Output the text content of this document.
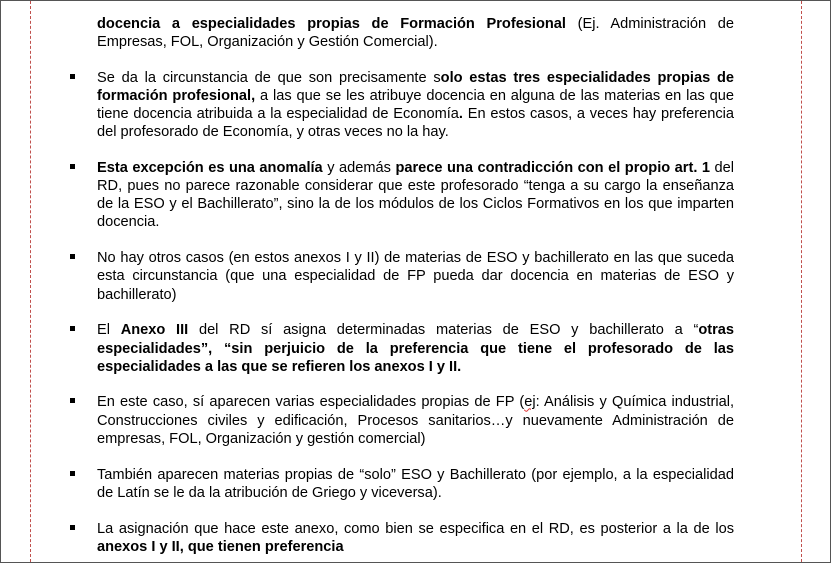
docencia a especialidades propias de Formación Profesional (Ej. Administración de Empresas, FOL, Organización y Gestión Comercial).

Se da la circunstancia de que son precisamente solo estas tres especialidades propias de formación profesional, a las que se les atribuye docencia en alguna de las materias en las que tiene docencia atribuida a la especialidad de Economía. En estos casos, a veces hay preferencia del profesorado de Economía, y otras veces no la hay.

Esta excepción es una anomalía y además parece una contradicción con el propio art. 1 del RD, pues no parece razonable considerar que este profesorado “tenga a su cargo la enseñanza de la ESO y el Bachillerato”, sino la de los módulos de los Ciclos Formativos en los que imparten docencia.

No hay otros casos (en estos anexos I y II) de materias de ESO y bachillerato en las que suceda esta circunstancia (que una especialidad de FP pueda dar docencia en materias de ESO y bachillerato)

El Anexo III del RD sí asigna determinadas materias de ESO y bachillerato a “otras especialidades”, “sin perjuicio de la preferencia que tiene el profesorado de las especialidades a las que se refieren los anexos I y II.

En este caso, sí aparecen varias especialidades propias de FP (ej: Análisis y Química industrial, Construcciones civiles y edificación, Procesos sanitarios…y nuevamente Administración de empresas, FOL, Organización y gestión comercial)

También aparecen materias propias de “solo” ESO y Bachillerato (por ejemplo, a la especialidad de Latín se le da la atribución de Griego y viceversa).

La asignación que hace este anexo, como bien se especifica en el RD, es posterior a la de los anexos I y II, que tienen preferencia
